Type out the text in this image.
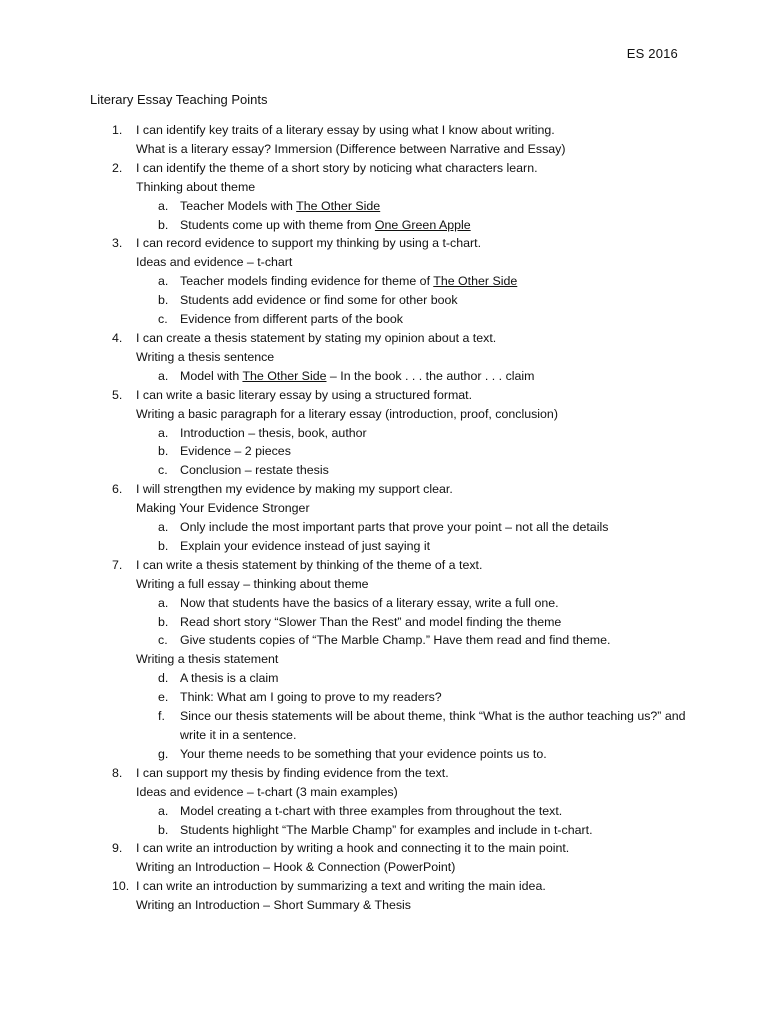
ES 2016
Literary Essay Teaching Points
1. I can identify key traits of a literary essay by using what I know about writing.
What is a literary essay? Immersion (Difference between Narrative and Essay)
2. I can identify the theme of a short story by noticing what characters learn.
Thinking about theme
a. Teacher Models with The Other Side
b. Students come up with theme from One Green Apple
3. I can record evidence to support my thinking by using a t-chart.
Ideas and evidence – t-chart
a. Teacher models finding evidence for theme of The Other Side
b. Students add evidence or find some for other book
c. Evidence from different parts of the book
4. I can create a thesis statement by stating my opinion about a text.
Writing a thesis sentence
a. Model with The Other Side – In the book . . . the author . . . claim
5. I can write a basic literary essay by using a structured format.
Writing a basic paragraph for a literary essay (introduction, proof, conclusion)
a. Introduction – thesis, book, author
b. Evidence – 2 pieces
c. Conclusion – restate thesis
6. I will strengthen my evidence by making my support clear.
Making Your Evidence Stronger
a. Only include the most important parts that prove your point – not all the details
b. Explain your evidence instead of just saying it
7. I can write a thesis statement by thinking of the theme of a text.
Writing a full essay – thinking about theme
a. Now that students have the basics of a literary essay, write a full one.
b. Read short story “Slower Than the Rest” and model finding the theme
c. Give students copies of “The Marble Champ.” Have them read and find theme.
Writing a thesis statement
d. A thesis is a claim
e. Think: What am I going to prove to my readers?
f. Since our thesis statements will be about theme, think “What is the author teaching us?” and write it in a sentence.
g. Your theme needs to be something that your evidence points us to.
8. I can support my thesis by finding evidence from the text.
Ideas and evidence – t-chart (3 main examples)
a. Model creating a t-chart with three examples from throughout the text.
b. Students highlight “The Marble Champ” for examples and include in t-chart.
9. I can write an introduction by writing a hook and connecting it to the main point.
Writing an Introduction – Hook & Connection (PowerPoint)
10. I can write an introduction by summarizing a text and writing the main idea.
Writing an Introduction – Short Summary & Thesis
